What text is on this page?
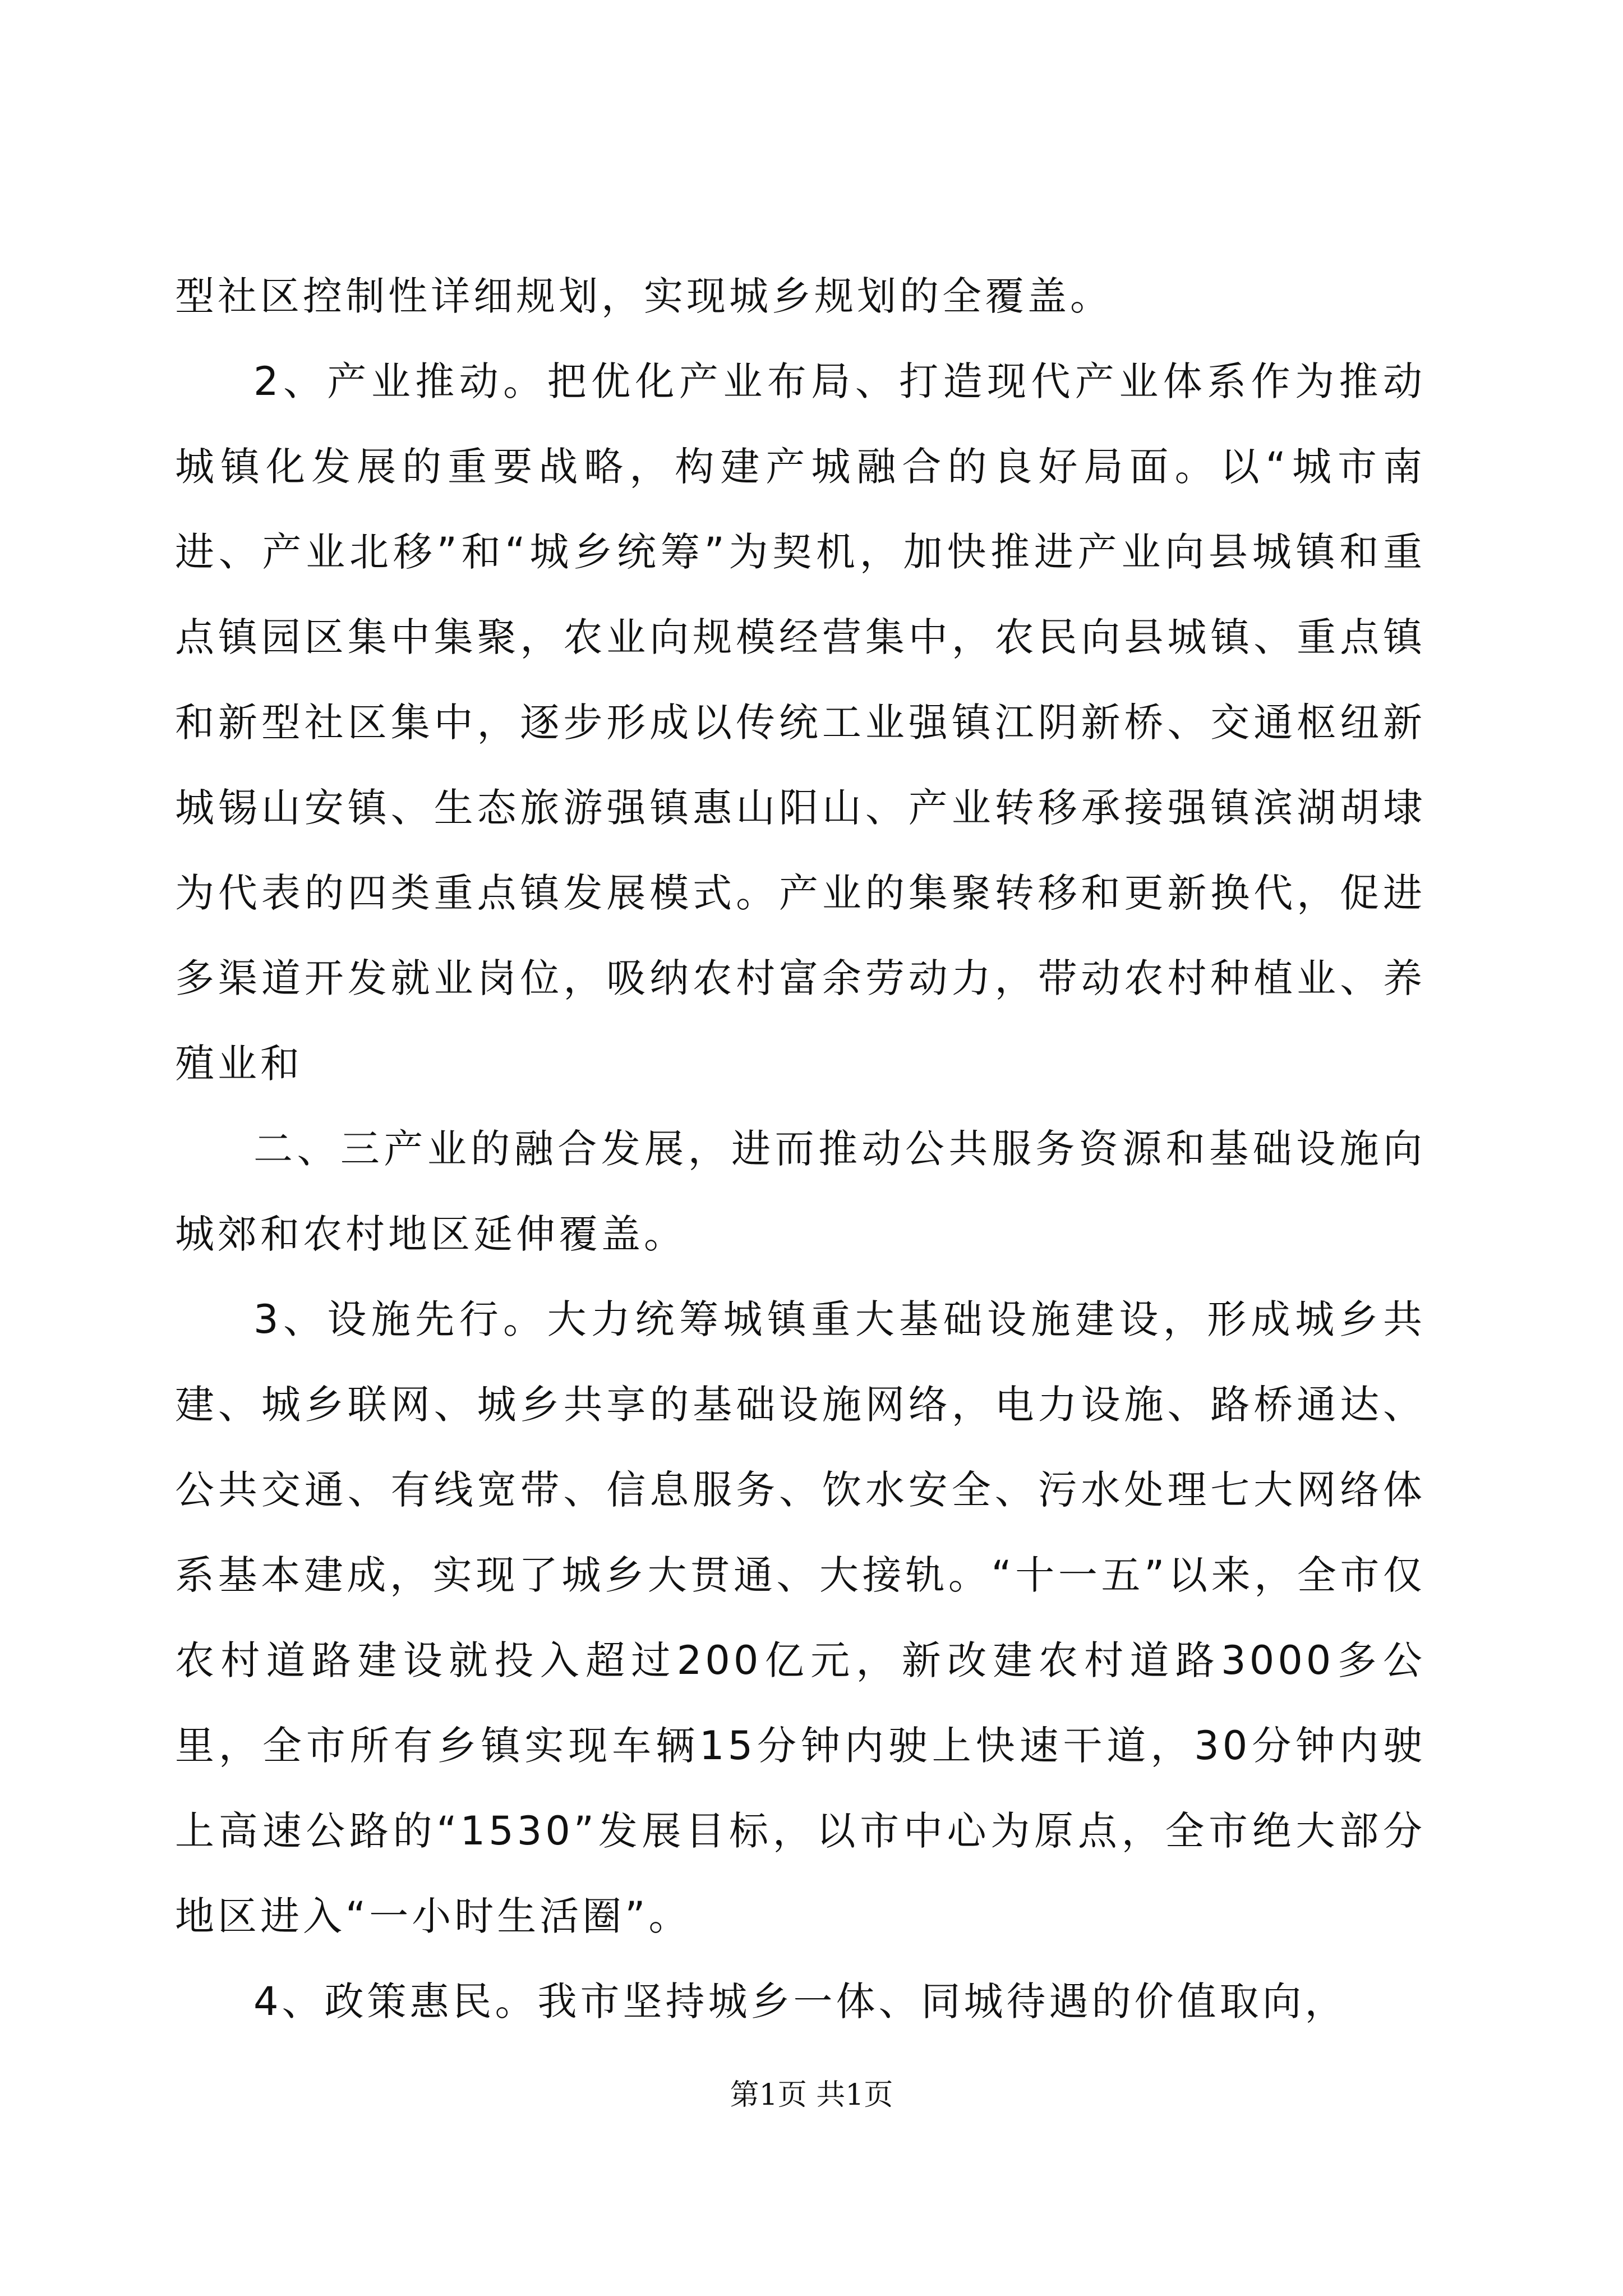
型社区控制性详细规划，实现城乡规划的全覆盖。

2、产业推动。把优化产业布局、打造现代产业体系作为推动城镇化发展的重要战略，构建产城融合的良好局面。以“城市南进、产业北移”和“城乡统筹”为契机，加快推进产业向县城镇和重点镇园区集中集聚，农业向规模经营集中，农民向县城镇、重点镇和新型社区集中，逐步形成以传统工业强镇江阴新桥、交通枢纽新城锡山安镇、生态旅游强镇惠山阳山、产业转移承接强镇滨湖胡埭为代表的四类重点镇发展模式。产业的集聚转移和更新换代，促进多渠道开发就业岗位，吸纳农村富余劳动力，带动农村种植业、养殖业和

二、三产业的融合发展，进而推动公共服务资源和基础设施向城郊和农村地区延伸覆盖。

3、设施先行。大力统筹城镇重大基础设施建设，形成城乡共建、城乡联网、城乡共享的基础设施网络，电力设施、路桥通达、公共交通、有线宽带、信息服务、饮水安全、污水处理七大网络体系基本建成，实现了城乡大贯通、大接轨。“十一五”以来，全市仅农村道路建设就投入超过200亿元，新改建农村道路3000多公里，全市所有乡镇实现车辆15分钟内驶上快速干道，30分钟内驶上高速公路的“1530”发展目标，以市中心为原点，全市绝大部分地区进入“一小时生活圈”。

4、政策惠民。我市坚持城乡一体、同城待遇的价值取向，

第1页 共1页
